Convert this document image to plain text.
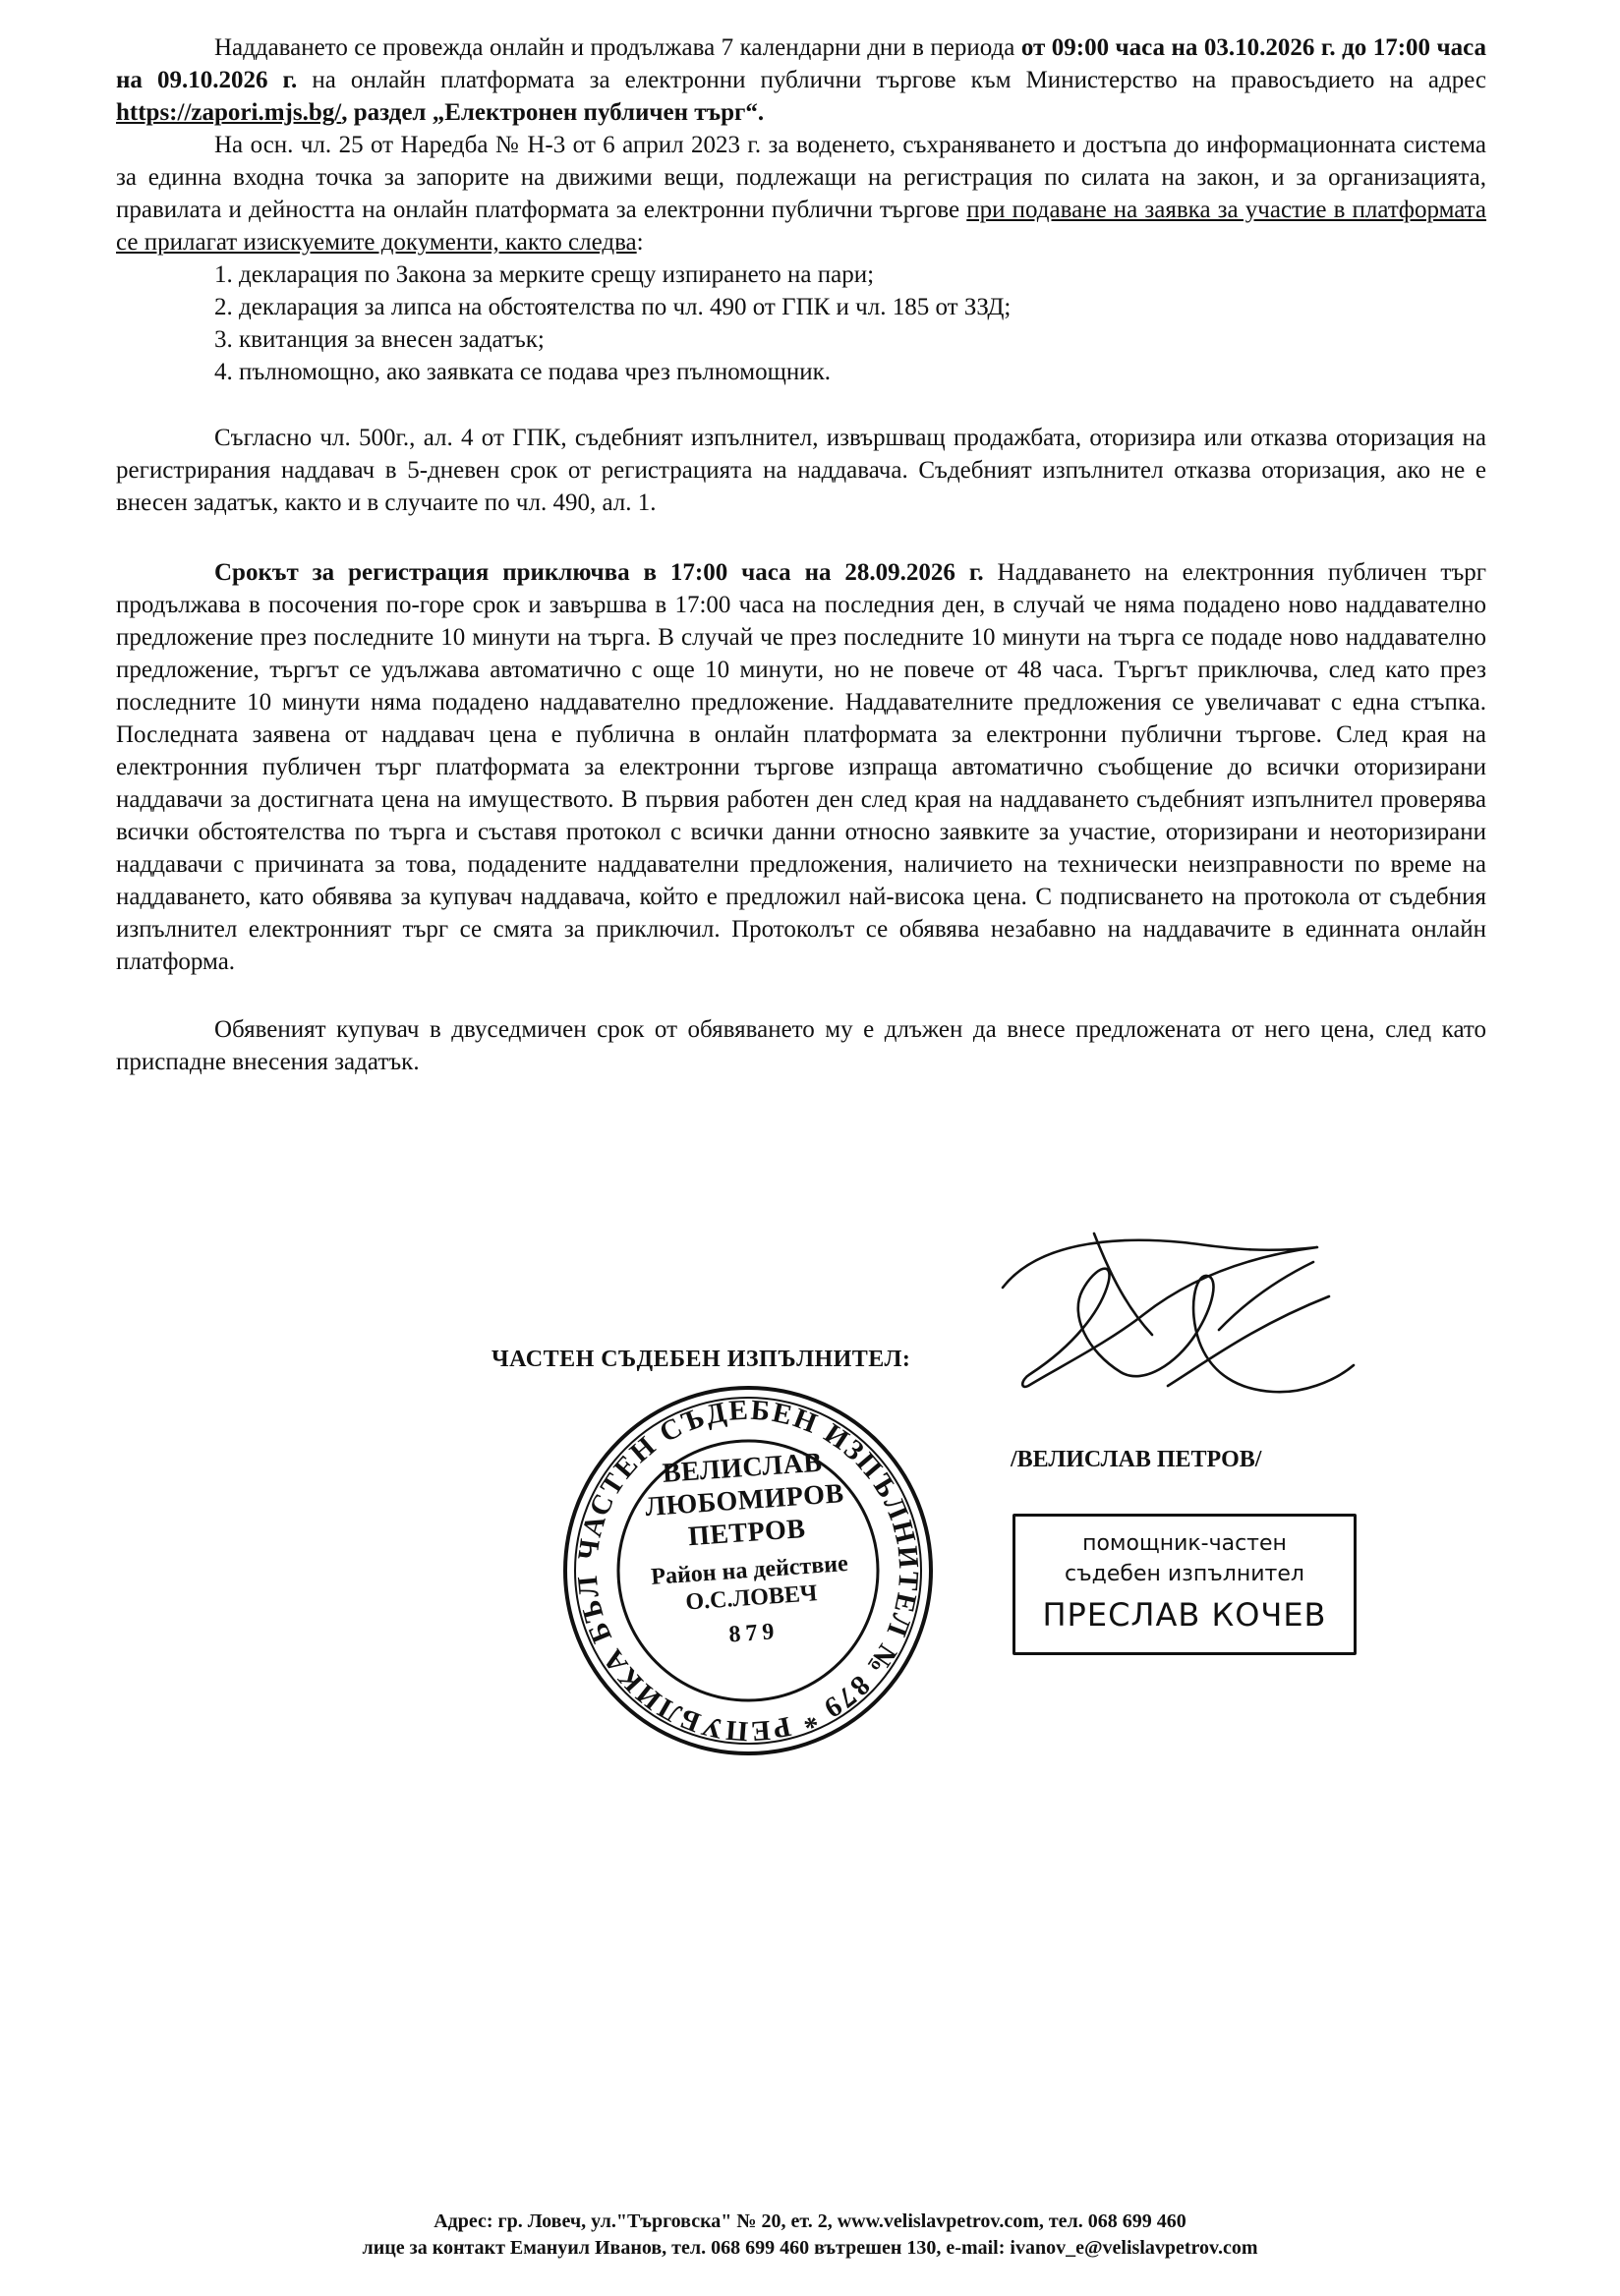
Наддаването се провежда онлайн и продължава 7 календарни дни в периода от 09:00 часа на 03.10.2026 г. до 17:00 часа на 09.10.2026 г. на онлайн платформата за електронни публични търгове към Министерство на правосъдието на адрес https://zapori.mjs.bg/, раздел „Електронен публичен търг“.

На осн. чл. 25 от Наредба № Н-3 от 6 април 2023 г. за воденето, съхраняването и достъпа до информационната система за единна входна точка за запорите на движими вещи, подлежащи на регистрация по силата на закон, и за организацията, правилата и дейността на онлайн платформата за електронни публични търгове при подаване на заявка за участие в платформата се прилагат изискуемите документи, както следва:

1. декларация по Закона за мерките срещу изпирането на пари;
2. декларация за липса на обстоятелства по чл. 490 от ГПК и чл. 185 от ЗЗД;
3. квитанция за внесен задатък;
4. пълномощно, ако заявката се подава чрез пълномощник.

Съгласно чл. 500г., ал. 4 от ГПК, съдебният изпълнител, извършващ продажбата, оторизира или отказва оторизация на регистрирания наддавач в 5-дневен срок от регистрацията на наддавача. Съдебният изпълнител отказва оторизация, ако не е внесен задатък, както и в случаите по чл. 490, ал. 1.

Срокът за регистрация приключва в 17:00 часа на 28.09.2026 г. Наддаването на електронния публичен търг продължава в посочения по-горе срок и завършва в 17:00 часа на последния ден, в случай че няма подадено ново наддавателно предложение през последните 10 минути на търга. В случай че през последните 10 минути на търга се подаде ново наддавателно предложение, търгът се удължава автоматично с още 10 минути, но не повече от 48 часа. Търгът приключва, след като през последните 10 минути няма подадено наддавателно предложение. Наддавателните предложения се увеличават с една стъпка. Последната заявена от наддавач цена е публична в онлайн платформата за електронни публични търгове. След края на електронния публичен търг платформата за електронни търгове изпраща автоматично съобщение до всички оторизирани наддавачи за достигната цена на имуществото. В първия работен ден след края на наддаването съдебният изпълнител проверява всички обстоятелства по търга и съставя протокол с всички данни относно заявките за участие, оторизирани и неоторизирани наддавачи с причината за това, подадените наддавателни предложения, наличието на технически неизправности по време на наддаването, като обявява за купувач наддавача, който е предложил най-висока цена. С подписването на протокола от съдебния изпълнител електронният търг се смята за приключил. Протоколът се обявява незабавно на наддавачите в единната онлайн платформа.

Обявеният купувач в двуседмичен срок от обявяването му е длъжен да внесе предложената от него цена, след като приспадне внесения задатък.

ЧАСТЕН СЪДЕБЕН ИЗПЪЛНИТЕЛ:
/ВЕЛИСЛАВ ПЕТРОВ/
ЧАСТЕН СЪДЕБЕН ИЗПЪЛНИТЕЛ № 879 * РЕПУБЛИКА БЪЛ
ВЕЛИСЛАВ
ЛЮБОМИРОВ
ПЕТРОВ
Район на действие
О.С.ЛОВЕЧ
879
помощник-частен
съдебен изпълнител
ПРЕСЛАВ КОЧЕВ
Адрес: гр. Ловеч, ул."Търговска" № 20, ет. 2, www.velislavpetrov.com, тел. 068 699 460
лице за контакт Емануил Иванов, тел. 068 699 460 вътрешен 130, e-mail: ivanov_e@velislavpetrov.com
